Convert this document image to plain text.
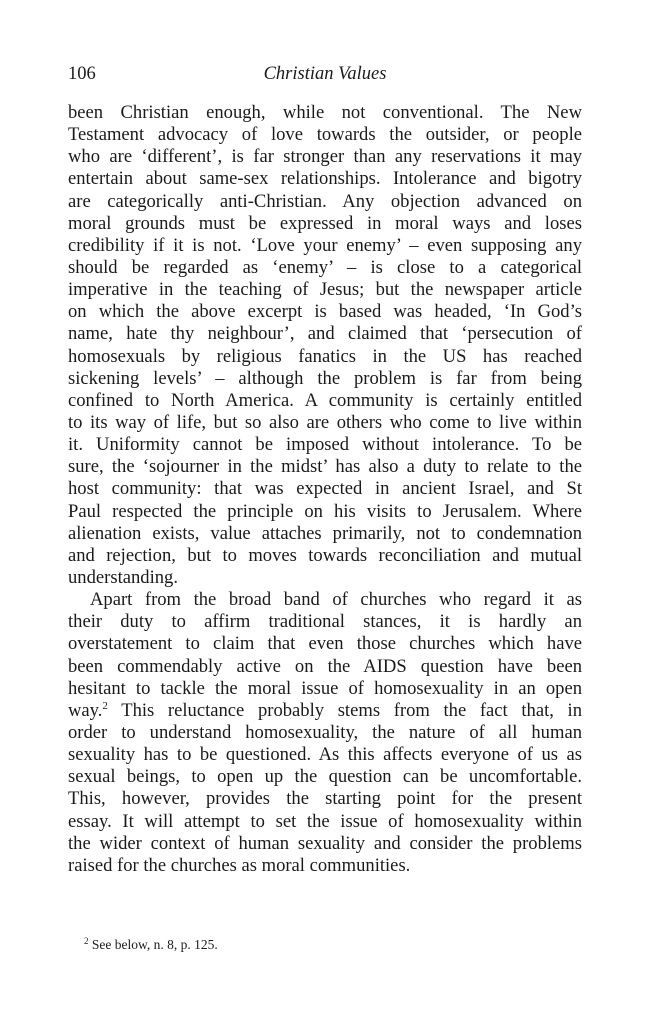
106	Christian Values
been Christian enough, while not conventional. The New
Testament advocacy of love towards the outsider, or people
who are ‘different’, is far stronger than any reservations it may
entertain about same-sex relationships. Intolerance and bigotry
are categorically anti-Christian. Any objection advanced on
moral grounds must be expressed in moral ways and loses
credibility if it is not. ‘Love your enemy’ – even supposing any
should be regarded as ‘enemy’ – is close to a categorical
imperative in the teaching of Jesus; but the newspaper article
on which the above excerpt is based was headed, ‘In God’s
name, hate thy neighbour’, and claimed that ‘persecution of
homosexuals by religious fanatics in the US has reached
sickening levels’ – although the problem is far from being
confined to North America. A community is certainly entitled
to its way of life, but so also are others who come to live within
it. Uniformity cannot be imposed without intolerance. To be
sure, the ‘sojourner in the midst’ has also a duty to relate to the
host community: that was expected in ancient Israel, and St
Paul respected the principle on his visits to Jerusalem. Where
alienation exists, value attaches primarily, not to condemnation
and rejection, but to moves towards reconciliation and mutual
understanding.
Apart from the broad band of churches who regard it as
their duty to affirm traditional stances, it is hardly an
overstatement to claim that even those churches which have
been commendably active on the AIDS question have been
hesitant to tackle the moral issue of homosexuality in an open
way.$^2$ This reluctance probably stems from the fact that, in
order to understand homosexuality, the nature of all human
sexuality has to be questioned. As this affects everyone of us as
sexual beings, to open up the question can be uncomfortable.
This, however, provides the starting point for the present
essay. It will attempt to set the issue of homosexuality within
the wider context of human sexuality and consider the problems
raised for the churches as moral communities.
$^2$ See below, n. 8, p. 125.
